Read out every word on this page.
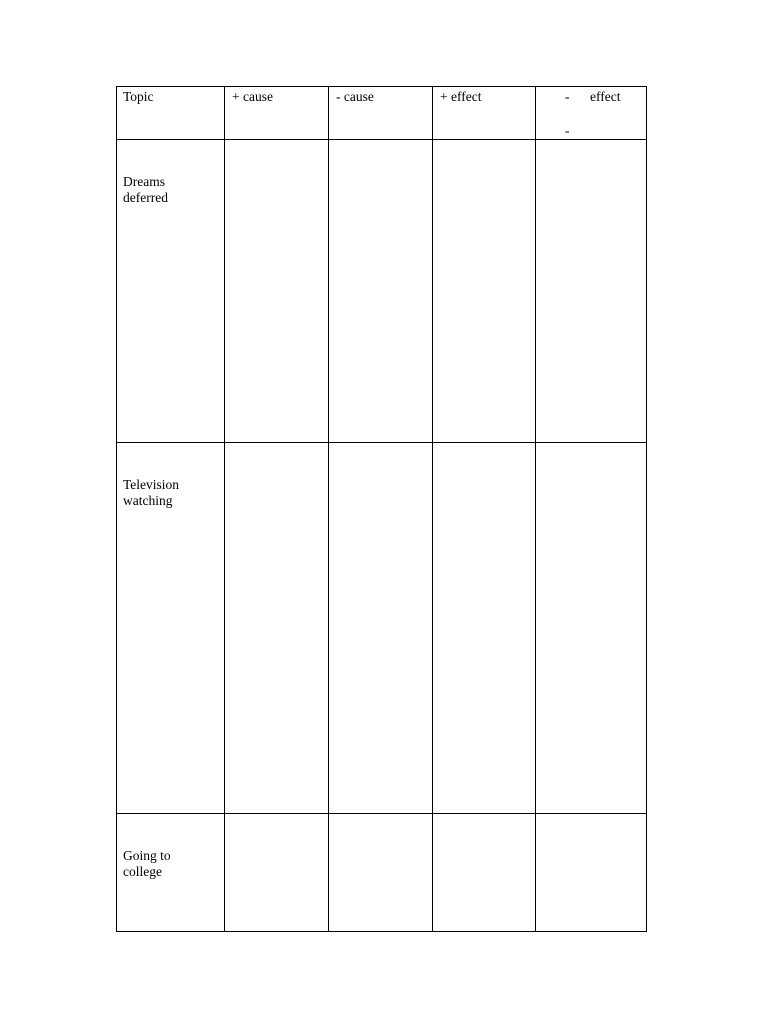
Topic	+ cause	- cause	+ effect	- effect
-

Dreams
deferred				

Television
watching				

Going to
college				
